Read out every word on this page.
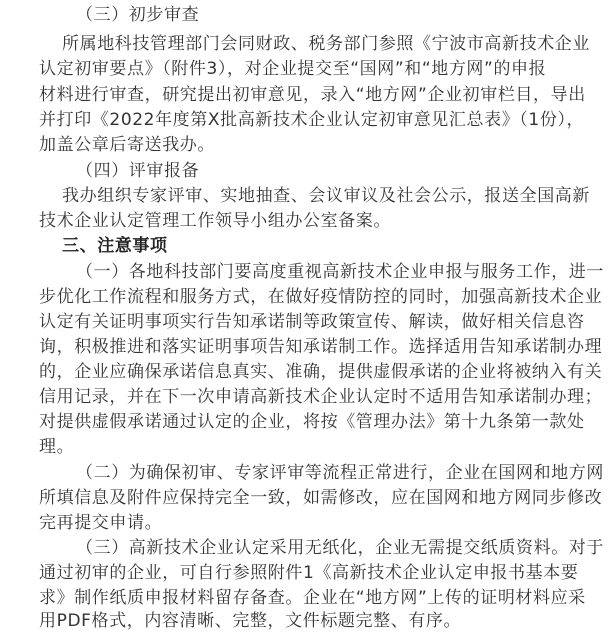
（三）初步审查
所属地科技管理部门会同财政、税务部门参照《宁波市高新技术企业
认定初审要点》（附件3），对企业提交至“国网”和“地方网”的申报
材料进行审查，研究提出初审意见，录入“地方网”企业初审栏目，导出
并打印《2022年度第X批高新技术企业认定初审意见汇总表》（1份），
加盖公章后寄送我办。
（四）评审报备
我办组织专家评审、实地抽查、会议审议及社会公示，报送全国高新
技术企业认定管理工作领导小组办公室备案。
三、注意事项
（一）各地科技部门要高度重视高新技术企业申报与服务工作，进一
步优化工作流程和服务方式，在做好疫情防控的同时，加强高新技术企业
认定有关证明事项实行告知承诺制等政策宣传、解读，做好相关信息咨
询，积极推进和落实证明事项告知承诺制工作。选择适用告知承诺制办理
的，企业应确保承诺信息真实、准确，提供虚假承诺的企业将被纳入有关
信用记录，并在下一次申请高新技术企业认定时不适用告知承诺制办理；
对提供虚假承诺通过认定的企业，将按《管理办法》第十九条第一款处
理。
（二）为确保初审、专家评审等流程正常进行，企业在国网和地方网
所填信息及附件应保持完全一致，如需修改，应在国网和地方网同步修改
完再提交申请。
（三）高新技术企业认定采用无纸化，企业无需提交纸质资料。对于
通过初审的企业，可自行参照附件1《高新技术企业认定申报书基本要
求》制作纸质申报材料留存备查。企业在“地方网”上传的证明材料应采
用PDF格式，内容清晰、完整，文件标题完整、有序。
